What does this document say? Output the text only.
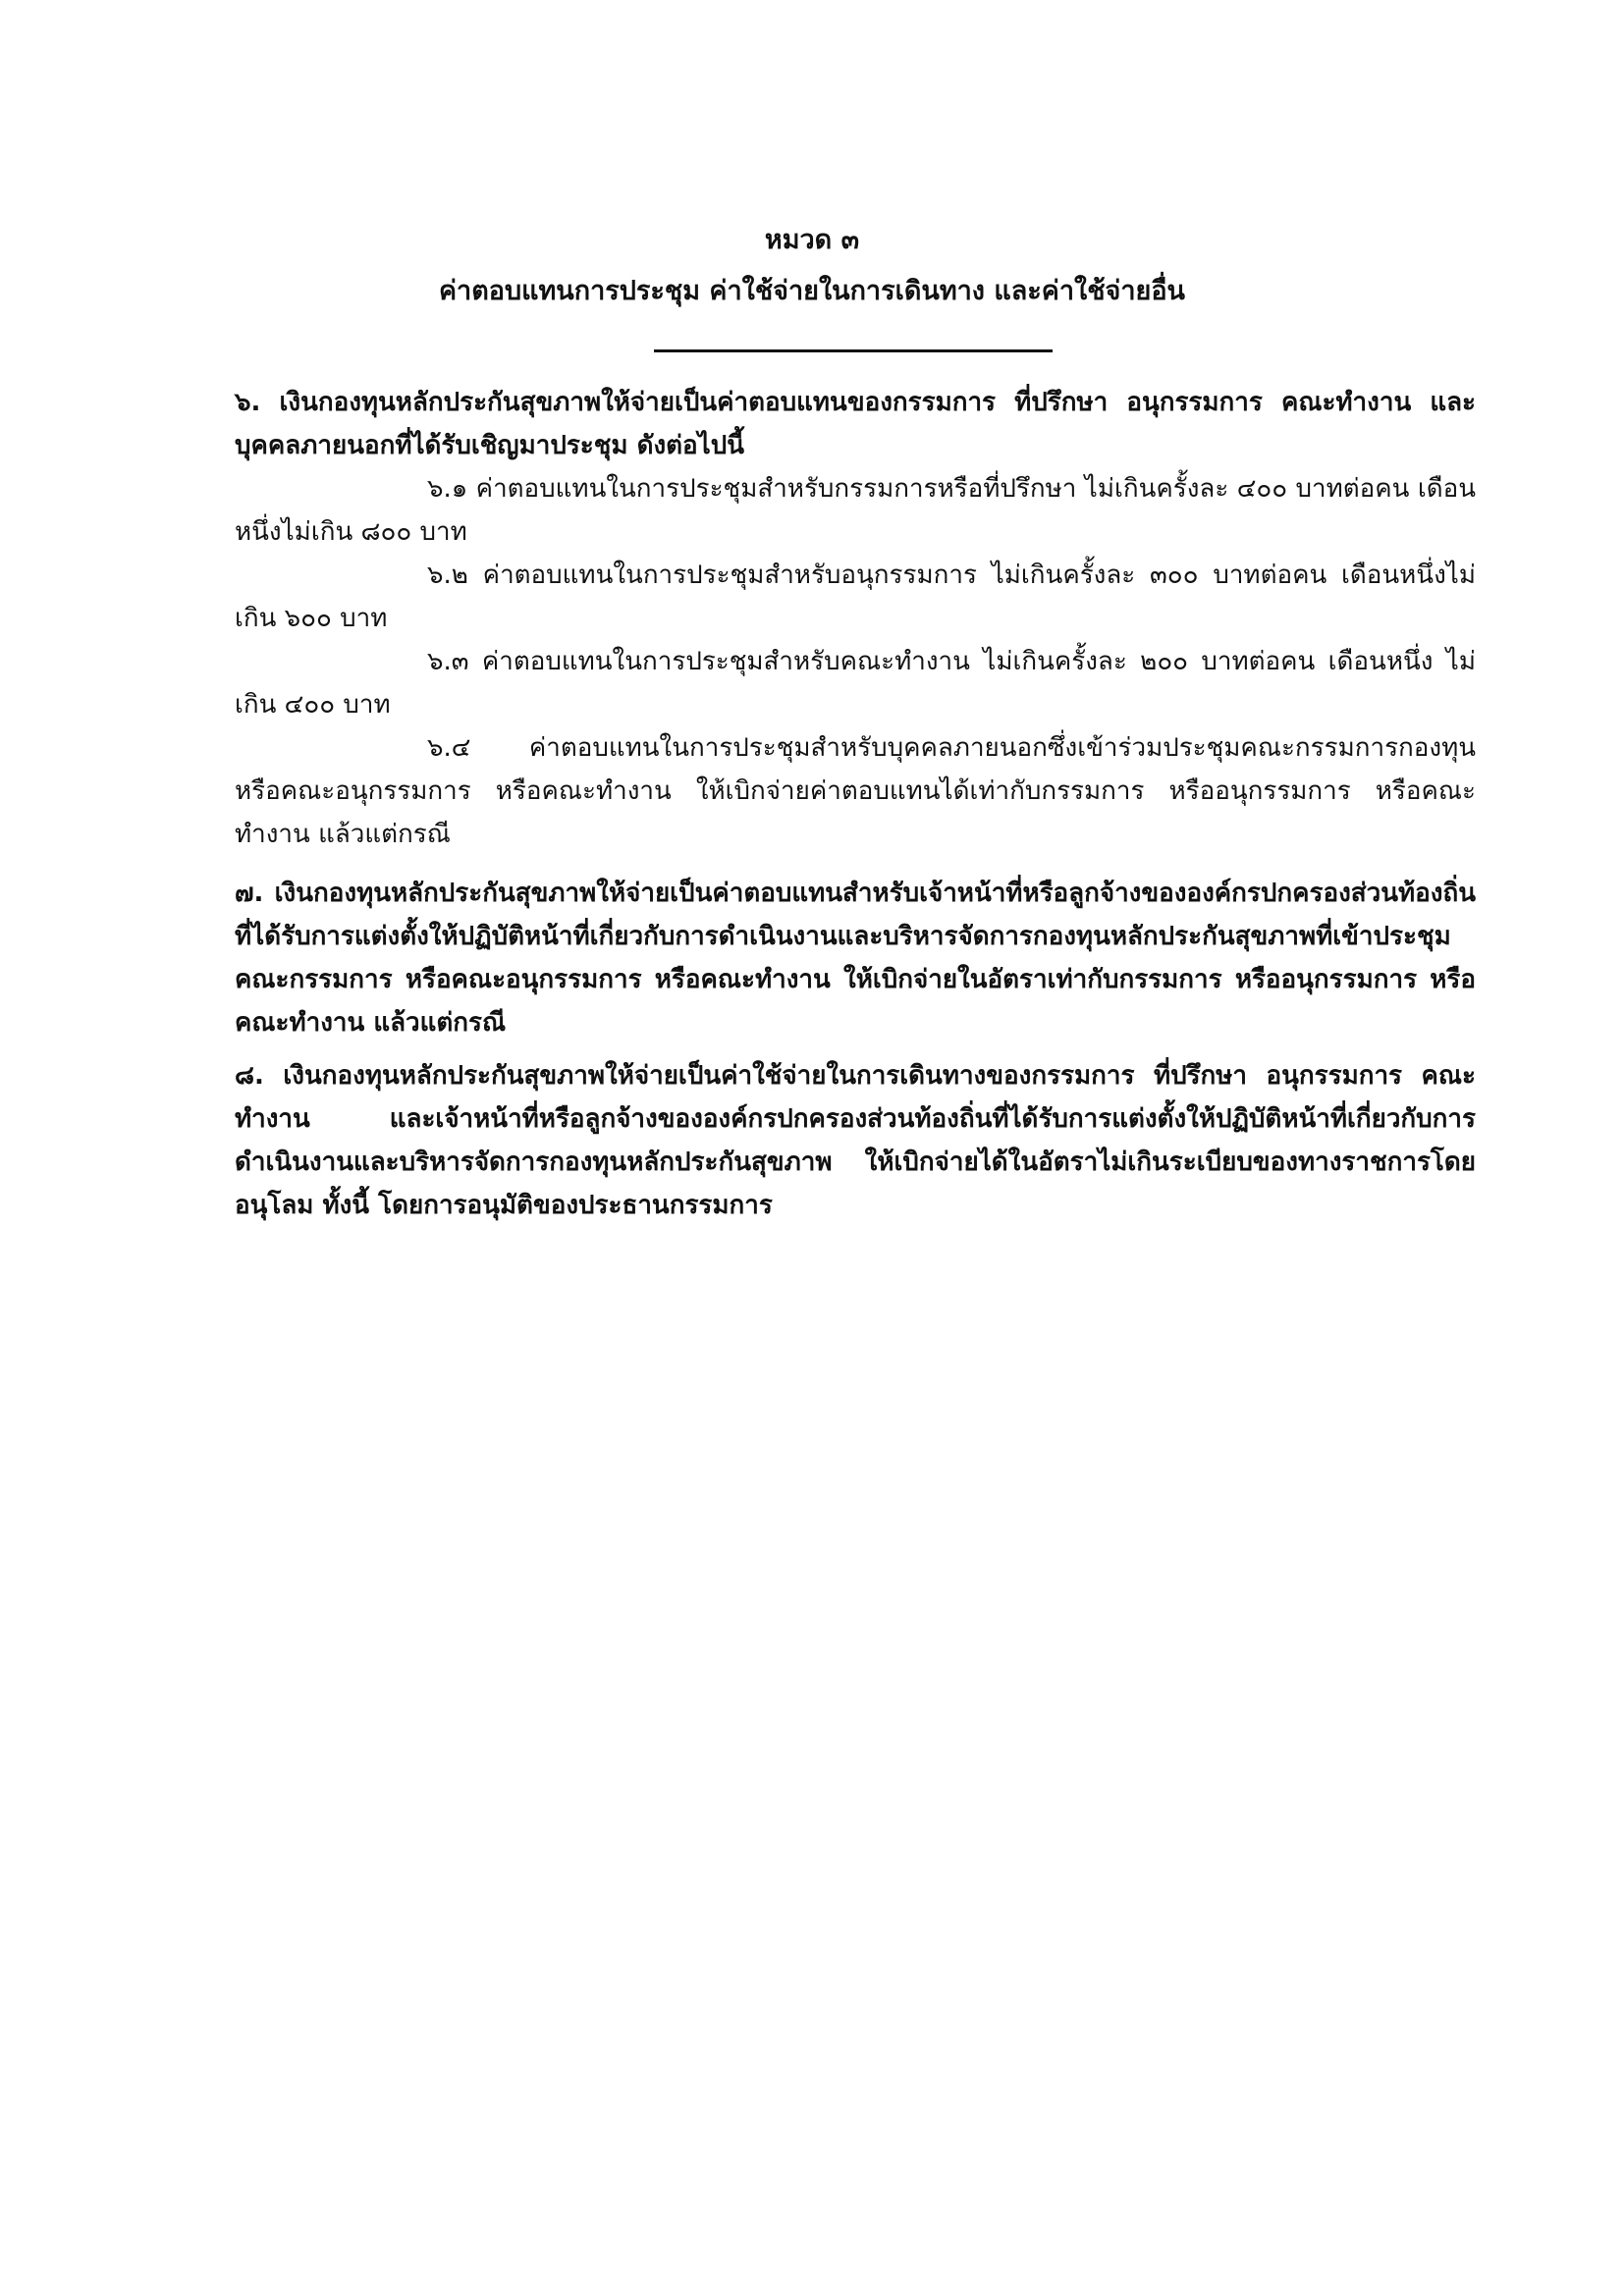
หมวด ๓
ค่าตอบแทนการประชุม ค่าใช้จ่ายในการเดินทาง และค่าใช้จ่ายอื่น

๖. เงินกองทุนหลักประกันสุขภาพให้จ่ายเป็นค่าตอบแทนของกรรมการ ที่ปรึกษา อนุกรรมการ คณะทำงาน และบุคคลภายนอกที่ได้รับเชิญมาประชุม ดังต่อไปนี้

๖.๑ ค่าตอบแทนในการประชุมสำหรับกรรมการหรือที่ปรึกษา ไม่เกินครั้งละ ๔๐๐ บาทต่อคน เดือนหนึ่งไม่เกิน ๘๐๐ บาท

๖.๒ ค่าตอบแทนในการประชุมสำหรับอนุกรรมการ ไม่เกินครั้งละ ๓๐๐ บาทต่อคน เดือนหนึ่งไม่เกิน ๖๐๐ บาท

๖.๓ ค่าตอบแทนในการประชุมสำหรับคณะทำงาน ไม่เกินครั้งละ ๒๐๐ บาทต่อคน เดือนหนึ่ง ไม่เกิน ๔๐๐ บาท

๖.๔ ค่าตอบแทนในการประชุมสำหรับบุคคลภายนอกซึ่งเข้าร่วมประชุมคณะกรรมการกองทุน หรือคณะอนุกรรมการ หรือคณะทำงาน ให้เบิกจ่ายค่าตอบแทนได้เท่ากับกรรมการ หรืออนุกรรมการ หรือคณะทำงาน แล้วแต่กรณี

๗. เงินกองทุนหลักประกันสุขภาพให้จ่ายเป็นค่าตอบแทนสำหรับเจ้าหน้าที่หรือลูกจ้างขององค์กรปกครองส่วนท้องถิ่นที่ได้รับการแต่งตั้งให้ปฏิบัติหน้าที่เกี่ยวกับการดำเนินงานและบริหารจัดการกองทุนหลักประกันสุขภาพที่เข้าประชุมคณะกรรมการ หรือคณะอนุกรรมการ หรือคณะทำงาน ให้เบิกจ่ายในอัตราเท่ากับกรรมการ หรืออนุกรรมการ หรือคณะทำงาน แล้วแต่กรณี

๘. เงินกองทุนหลักประกันสุขภาพให้จ่ายเป็นค่าใช้จ่ายในการเดินทางของกรรมการ ที่ปรึกษา อนุกรรมการ คณะทำงาน และเจ้าหน้าที่หรือลูกจ้างขององค์กรปกครองส่วนท้องถิ่นที่ได้รับการแต่งตั้งให้ปฏิบัติหน้าที่เกี่ยวกับการดำเนินงานและบริหารจัดการกองทุนหลักประกันสุขภาพ ให้เบิกจ่ายได้ในอัตราไม่เกินระเบียบของทางราชการโดยอนุโลม ทั้งนี้ โดยการอนุมัติของประธานกรรมการ
